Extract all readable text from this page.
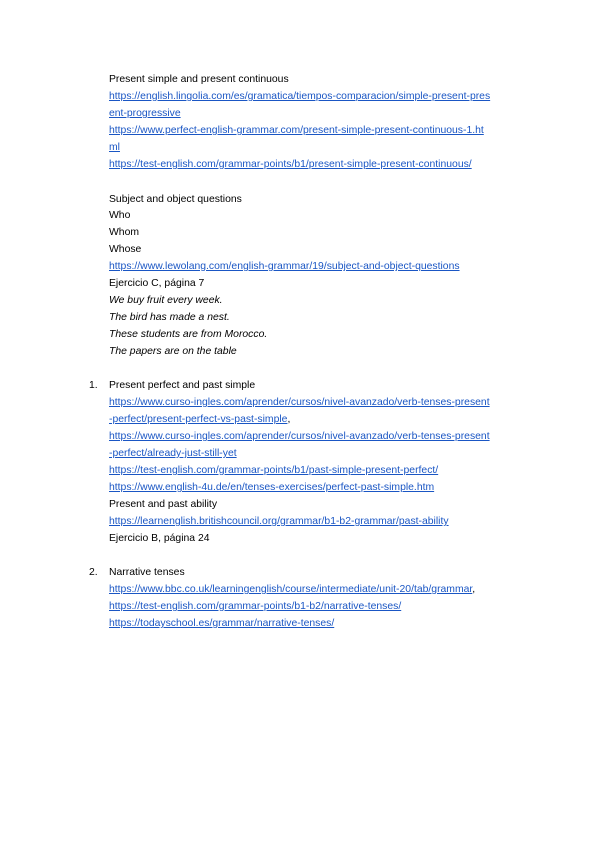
Present simple and present continuous
https://english.lingolia.com/es/gramatica/tiempos-comparacion/simple-present-pres
ent-progressive
https://www.perfect-english-grammar.com/present-simple-present-continuous-1.ht
ml
https://test-english.com/grammar-points/b1/present-simple-present-continuous/
Subject and object questions
Who
Whom
Whose
https://www.lewolang.com/english-grammar/19/subject-and-object-questions
Ejercicio C, página 7
We buy fruit every week.
The bird has made a nest.
These students are from Morocco.
The papers are on the table
1. Present perfect and past simple
https://www.curso-ingles.com/aprender/cursos/nivel-avanzado/verb-tenses-present
-perfect/present-perfect-vs-past-simple,
https://www.curso-ingles.com/aprender/cursos/nivel-avanzado/verb-tenses-present
-perfect/already-just-still-yet
https://test-english.com/grammar-points/b1/past-simple-present-perfect/
https://www.english-4u.de/en/tenses-exercises/perfect-past-simple.htm
Present and past ability
https://learnenglish.britishcouncil.org/grammar/b1-b2-grammar/past-ability
Ejercicio B, página 24
2. Narrative tenses
https://www.bbc.co.uk/learningenglish/course/intermediate/unit-20/tab/grammar,
https://test-english.com/grammar-points/b1-b2/narrative-tenses/
https://todayschool.es/grammar/narrative-tenses/
